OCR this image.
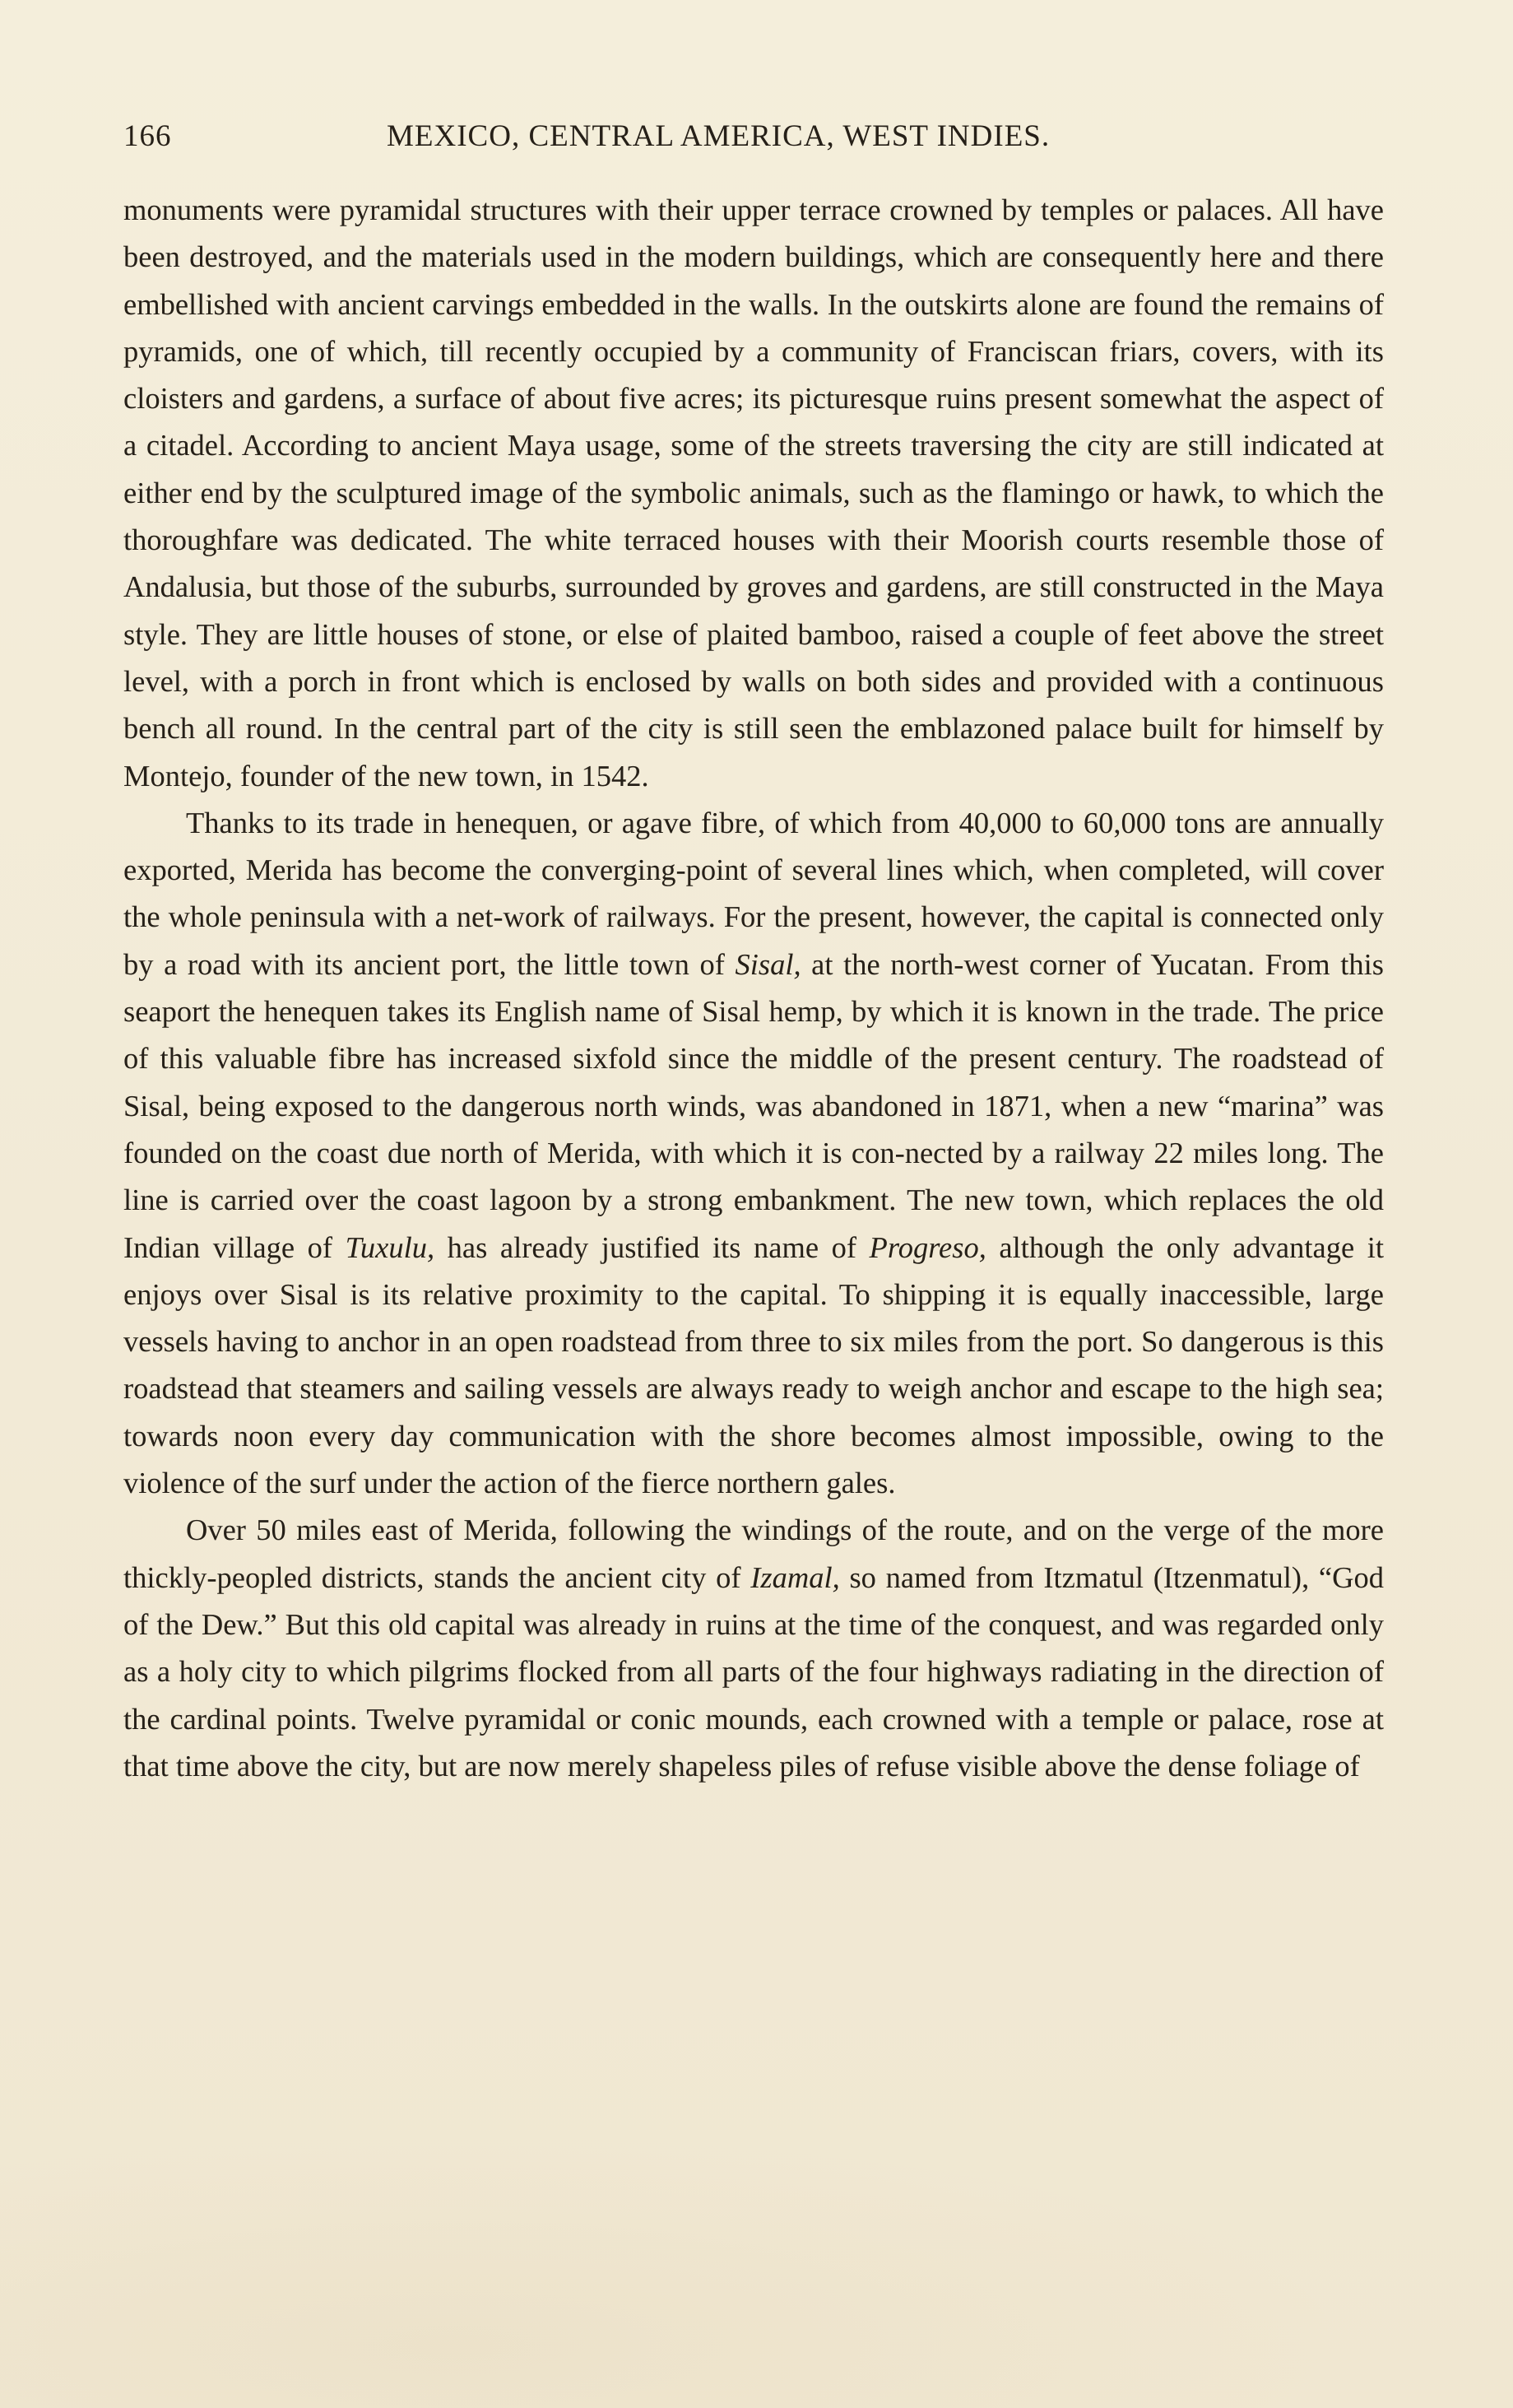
166	MEXICO, CENTRAL AMERICA, WEST INDIES.

monuments were pyramidal structures with their upper terrace crowned by temples or palaces. All have been destroyed, and the materials used in the modern buildings, which are consequently here and there embellished with ancient carvings embedded in the walls. In the outskirts alone are found the remains of pyramids, one of which, till recently occupied by a community of Franciscan friars, covers, with its cloisters and gardens, a surface of about five acres; its picturesque ruins present somewhat the aspect of a citadel. According to ancient Maya usage, some of the streets traversing the city are still indicated at either end by the sculptured image of the symbolic animals, such as the flamingo or hawk, to which the thoroughfare was dedicated. The white terraced houses with their Moorish courts resemble those of Andalusia, but those of the suburbs, surrounded by groves and gardens, are still constructed in the Maya style. They are little houses of stone, or else of plaited bamboo, raised a couple of feet above the street level, with a porch in front which is enclosed by walls on both sides and provided with a continuous bench all round. In the central part of the city is still seen the emblazoned palace built for himself by Montejo, founder of the new town, in 1542.

Thanks to its trade in henequen, or agave fibre, of which from 40,000 to 60,000 tons are annually exported, Merida has become the converging-point of several lines which, when completed, will cover the whole peninsula with a net-work of railways. For the present, however, the capital is connected only by a road with its ancient port, the little town of Sisal, at the north-west corner of Yucatan. From this seaport the henequen takes its English name of Sisal hemp, by which it is known in the trade. The price of this valuable fibre has increased sixfold since the middle of the present century. The roadstead of Sisal, being exposed to the dangerous north winds, was abandoned in 1871, when a new “marina” was founded on the coast due north of Merida, with which it is con-nected by a railway 22 miles long. The line is carried over the coast lagoon by a strong embankment. The new town, which replaces the old Indian village of Tuxulu, has already justified its name of Progreso, although the only advantage it enjoys over Sisal is its relative proximity to the capital. To shipping it is equally inaccessible, large vessels having to anchor in an open roadstead from three to six miles from the port. So dangerous is this roadstead that steamers and sailing vessels are always ready to weigh anchor and escape to the high sea; towards noon every day communication with the shore becomes almost impossible, owing to the violence of the surf under the action of the fierce northern gales.

Over 50 miles east of Merida, following the windings of the route, and on the verge of the more thickly-peopled districts, stands the ancient city of Izamal, so named from Itzmatul (Itzenmatul), “God of the Dew.” But this old capital was already in ruins at the time of the conquest, and was regarded only as a holy city to which pilgrims flocked from all parts of the four highways radiating in the direction of the cardinal points. Twelve pyramidal or conic mounds, each crowned with a temple or palace, rose at that time above the city, but are now merely shapeless piles of refuse visible above the dense foliage of
